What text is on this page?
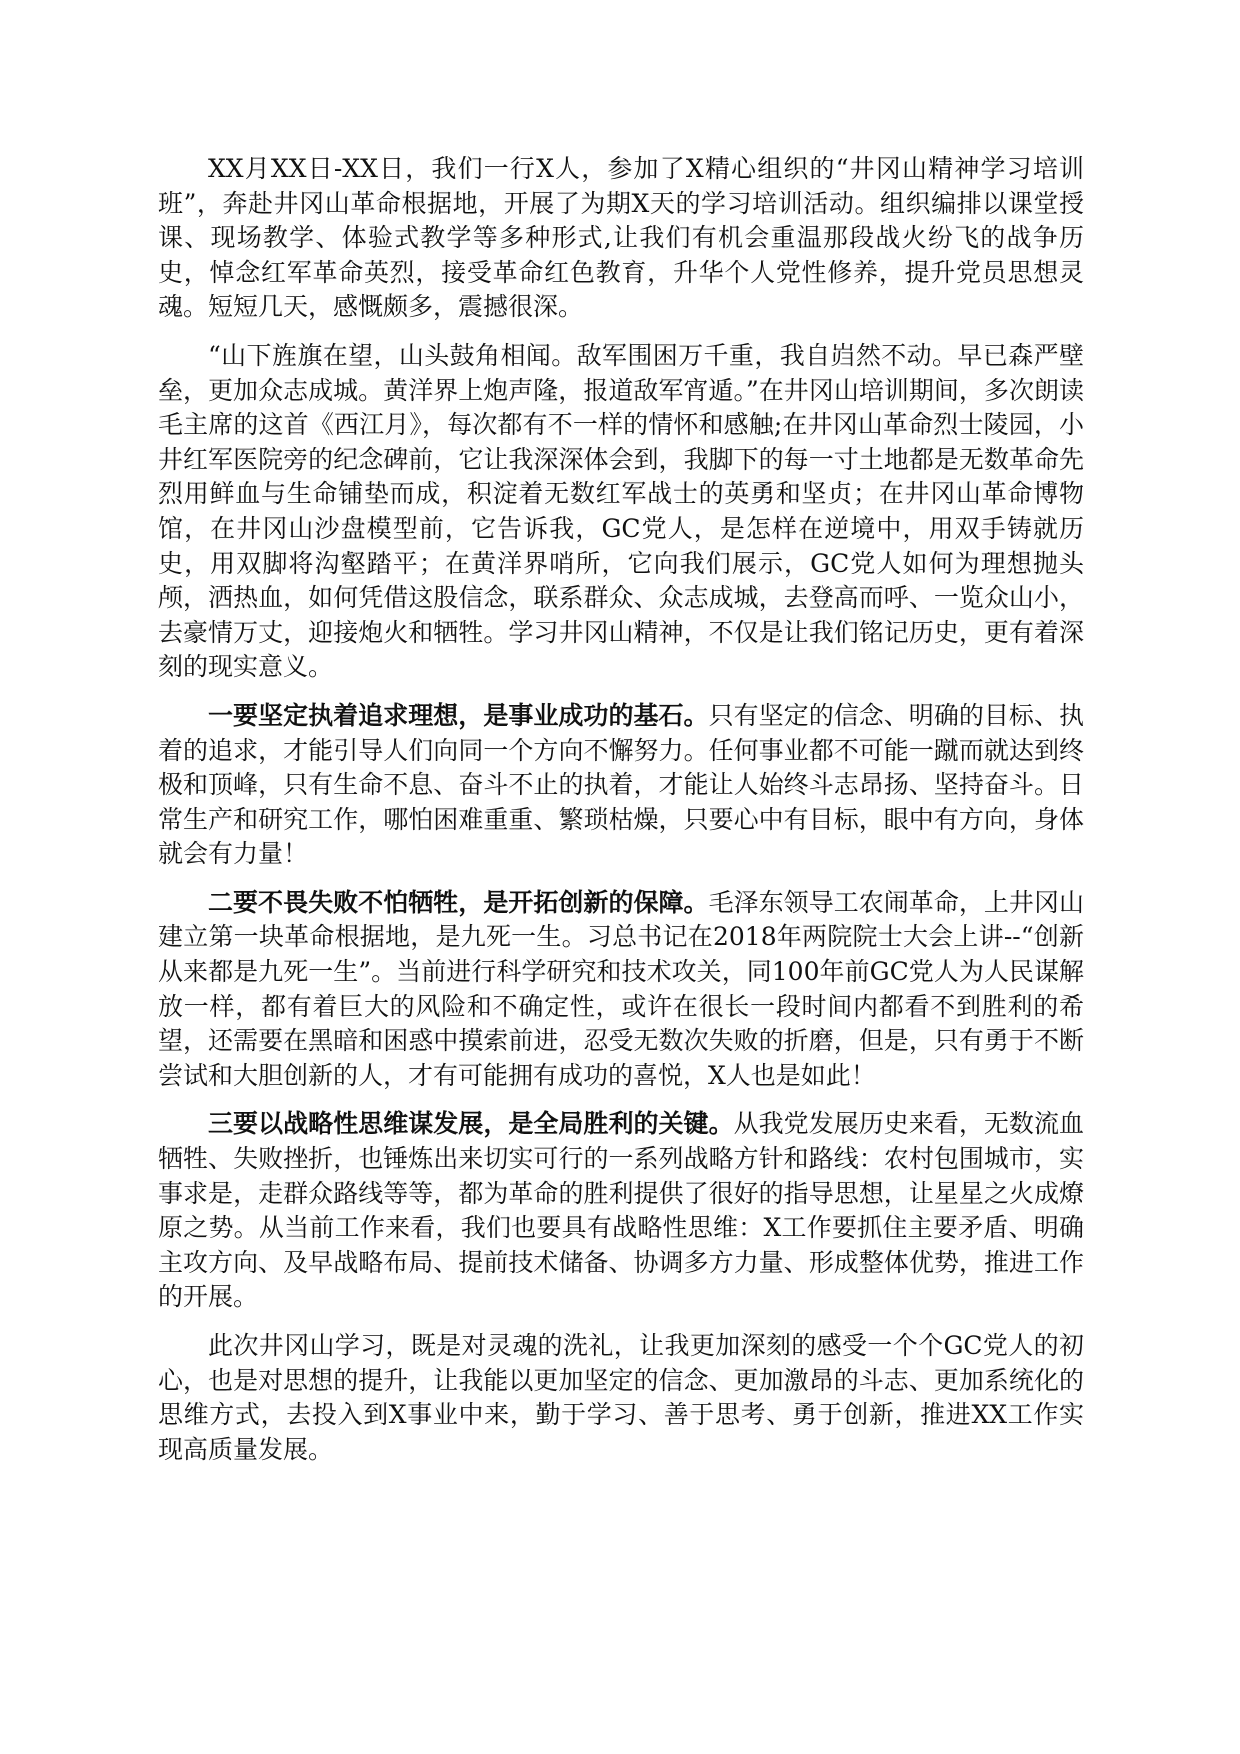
XX月XX日-XX日，我们一行X人，参加了X精心组织的“井冈山精神学习培训班”，奔赴井冈山革命根据地，开展了为期X天的学习培训活动。组织编排以课堂授课、现场教学、体验式教学等多种形式,让我们有机会重温那段战火纷飞的战争历史，悼念红军革命英烈，接受革命红色教育，升华个人党性修养，提升党员思想灵魂。短短几天，感慨颇多，震撼很深。

“山下旌旗在望，山头鼓角相闻。敌军围困万千重，我自岿然不动。早已森严壁垒，更加众志成城。黄洋界上炮声隆，报道敌军宵遁。”在井冈山培训期间，多次朗读毛主席的这首《西江月》，每次都有不一样的情怀和感触;在井冈山革命烈士陵园，小井红军医院旁的纪念碑前，它让我深深体会到，我脚下的每一寸土地都是无数革命先烈用鲜血与生命铺垫而成，积淀着无数红军战士的英勇和坚贞；在井冈山革命博物馆，在井冈山沙盘模型前，它告诉我，GC党人，是怎样在逆境中，用双手铸就历史，用双脚将沟壑踏平；在黄洋界哨所，它向我们展示，GC党人如何为理想抛头颅，洒热血，如何凭借这股信念，联系群众、众志成城，去登高而呼、一览众山小，去豪情万丈，迎接炮火和牺牲。学习井冈山精神，不仅是让我们铭记历史，更有着深刻的现实意义。

一要坚定执着追求理想，是事业成功的基石。只有坚定的信念、明确的目标、执着的追求，才能引导人们向同一个方向不懈努力。任何事业都不可能一蹴而就达到终极和顶峰，只有生命不息、奋斗不止的执着，才能让人始终斗志昂扬、坚持奋斗。日常生产和研究工作，哪怕困难重重、繁琐枯燥，只要心中有目标，眼中有方向，身体就会有力量！

二要不畏失败不怕牺牲，是开拓创新的保障。毛泽东领导工农闹革命，上井冈山建立第一块革命根据地，是九死一生。习总书记在2018年两院院士大会上讲--“创新从来都是九死一生”。当前进行科学研究和技术攻关，同100年前GC党人为人民谋解放一样，都有着巨大的风险和不确定性，或许在很长一段时间内都看不到胜利的希望，还需要在黑暗和困惑中摸索前进，忍受无数次失败的折磨，但是，只有勇于不断尝试和大胆创新的人，才有可能拥有成功的喜悦，X人也是如此！

三要以战略性思维谋发展，是全局胜利的关键。从我党发展历史来看，无数流血牺牲、失败挫折，也锤炼出来切实可行的一系列战略方针和路线：农村包围城市，实事求是，走群众路线等等，都为革命的胜利提供了很好的指导思想，让星星之火成燎原之势。从当前工作来看，我们也要具有战略性思维：X工作要抓住主要矛盾、明确主攻方向、及早战略布局、提前技术储备、协调多方力量、形成整体优势，推进工作的开展。

此次井冈山学习，既是对灵魂的洗礼，让我更加深刻的感受一个个GC党人的初心，也是对思想的提升，让我能以更加坚定的信念、更加激昂的斗志、更加系统化的思维方式，去投入到X事业中来，勤于学习、善于思考、勇于创新，推进XX工作实现高质量发展。
